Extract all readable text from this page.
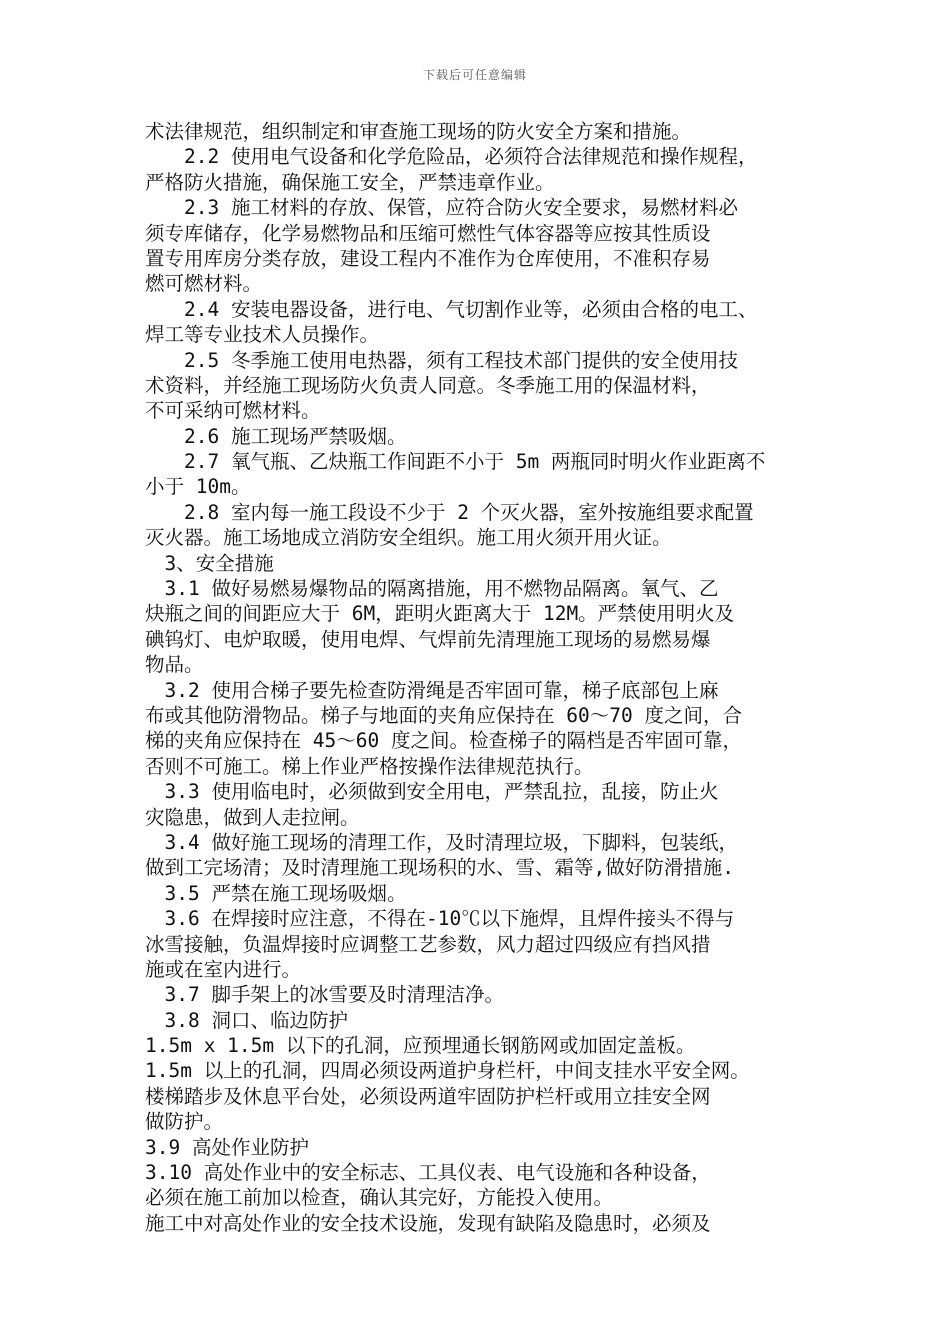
下载后可任意编辑
术法律规范，组织制定和审查施工现场的防火安全方案和措施。
　　2.2 使用电气设备和化学危险品，必须符合法律规范和操作规程，
严格防火措施，确保施工安全，严禁违章作业。
　　2.3 施工材料的存放、保管，应符合防火安全要求，易燃材料必
须专库储存，化学易燃物品和压缩可燃性气体容器等应按其性质设
置专用库房分类存放，建设工程内不准作为仓库使用，不准积存易
燃可燃材料。
　　2.4 安装电器设备，进行电、气切割作业等，必须由合格的电工、
焊工等专业技术人员操作。
　　2.5 冬季施工使用电热器，须有工程技术部门提供的安全使用技
术资料，并经施工现场防火负责人同意。冬季施工用的保温材料，
不可采纳可燃材料。
　　2.6 施工现场严禁吸烟。
　　2.7 氧气瓶、乙炔瓶工作间距不小于 5m 两瓶同时明火作业距离不
小于 10m。
　　2.8 室内每一施工段设不少于 2 个灭火器，室外按施组要求配置
灭火器。施工场地成立消防安全组织。施工用火须开用火证。
　3、安全措施
　3.1 做好易燃易爆物品的隔离措施，用不燃物品隔离。氧气、乙
炔瓶之间的间距应大于 6M，距明火距离大于 12M。严禁使用明火及
碘钨灯、电炉取暖，使用电焊、气焊前先清理施工现场的易燃易爆
物品。
　3.2 使用合梯子要先检查防滑绳是否牢固可靠，梯子底部包上麻
布或其他防滑物品。梯子与地面的夹角应保持在 60～70 度之间，合
梯的夹角应保持在 45～60 度之间。检查梯子的隔档是否牢固可靠，
否则不可施工。梯上作业严格按操作法律规范执行。
　3.3 使用临电时，必须做到安全用电，严禁乱拉，乱接，防止火
灾隐患，做到人走拉闸。
　3.4 做好施工现场的清理工作，及时清理垃圾，下脚料，包装纸，
做到工完场清；及时清理施工现场积的水、雪、霜等,做好防滑措施.
　3.5 严禁在施工现场吸烟。
　3.6 在焊接时应注意，不得在-10℃以下施焊，且焊件接头不得与
冰雪接触，负温焊接时应调整工艺参数，风力超过四级应有挡风措
施或在室内进行。
　3.7 脚手架上的冰雪要及时清理洁净。
　3.8 洞口、临边防护
1.5m x 1.5m 以下的孔洞，应预埋通长钢筋网或加固定盖板。
1.5m 以上的孔洞，四周必须设两道护身栏杆，中间支挂水平安全网。
楼梯踏步及休息平台处，必须设两道牢固防护栏杆或用立挂安全网
做防护。
3.9 高处作业防护
3.10 高处作业中的安全标志、工具仪表、电气设施和各种设备，
必须在施工前加以检查，确认其完好，方能投入使用。
施工中对高处作业的安全技术设施，发现有缺陷及隐患时，必须及
